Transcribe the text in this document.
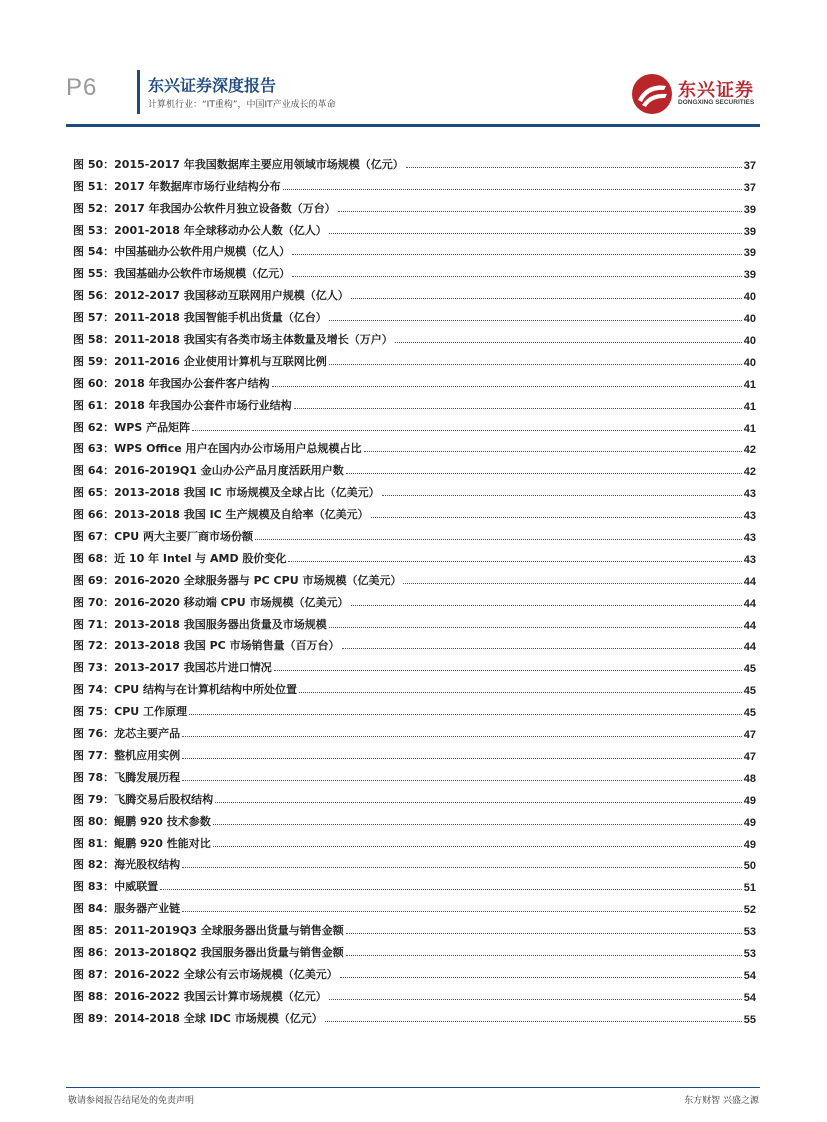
P6	东兴证券深度报告
计算机行业：“IT重构”，中国IT产业成长的革命
东兴证券
DONGXING SECURITIES
图 50：2015-2017 年我国数据库主要应用领域市场规模（亿元）	37
图 51：2017 年数据库市场行业结构分布	37
图 52：2017 年我国办公软件月独立设备数（万台）	39
图 53：2001-2018 年全球移动办公人数（亿人）	39
图 54：中国基础办公软件用户规模（亿人）	39
图 55：我国基础办公软件市场规模（亿元）	39
图 56：2012-2017 我国移动互联网用户规模（亿人）	40
图 57：2011-2018 我国智能手机出货量（亿台）	40
图 58：2011-2018 我国实有各类市场主体数量及增长（万户）	40
图 59：2011-2016 企业使用计算机与互联网比例	40
图 60：2018 年我国办公套件客户结构	41
图 61：2018 年我国办公套件市场行业结构	41
图 62：WPS 产品矩阵	41
图 63：WPS Office 用户在国内办公市场用户总规模占比	42
图 64：2016-2019Q1 金山办公产品月度活跃用户数	42
图 65：2013-2018 我国 IC 市场规模及全球占比（亿美元）	43
图 66：2013-2018 我国 IC 生产规模及自给率（亿美元）	43
图 67：CPU 两大主要厂商市场份额	43
图 68：近 10 年 Intel 与 AMD 股价变化	43
图 69：2016-2020 全球服务器与 PC CPU 市场规模（亿美元）	44
图 70：2016-2020 移动端 CPU 市场规模（亿美元）	44
图 71：2013-2018 我国服务器出货量及市场规模	44
图 72：2013-2018 我国 PC 市场销售量（百万台）	44
图 73：2013-2017 我国芯片进口情况	45
图 74：CPU 结构与在计算机结构中所处位置	45
图 75：CPU 工作原理	45
图 76：龙芯主要产品	47
图 77：整机应用实例	47
图 78：飞腾发展历程	48
图 79：飞腾交易后股权结构	49
图 80：鲲鹏 920 技术参数	49
图 81：鲲鹏 920 性能对比	49
图 82：海光股权结构	50
图 83：中威联置	51
图 84：服务器产业链	52
图 85：2011-2019Q3 全球服务器出货量与销售金额	53
图 86：2013-2018Q2 我国服务器出货量与销售金额	53
图 87：2016-2022 全球公有云市场规模（亿美元）	54
图 88：2016-2022 我国云计算市场规模（亿元）	54
图 89：2014-2018 全球 IDC 市场规模（亿元）	55
敬请参阅报告结尾处的免责声明	东方财智 兴盛之源
